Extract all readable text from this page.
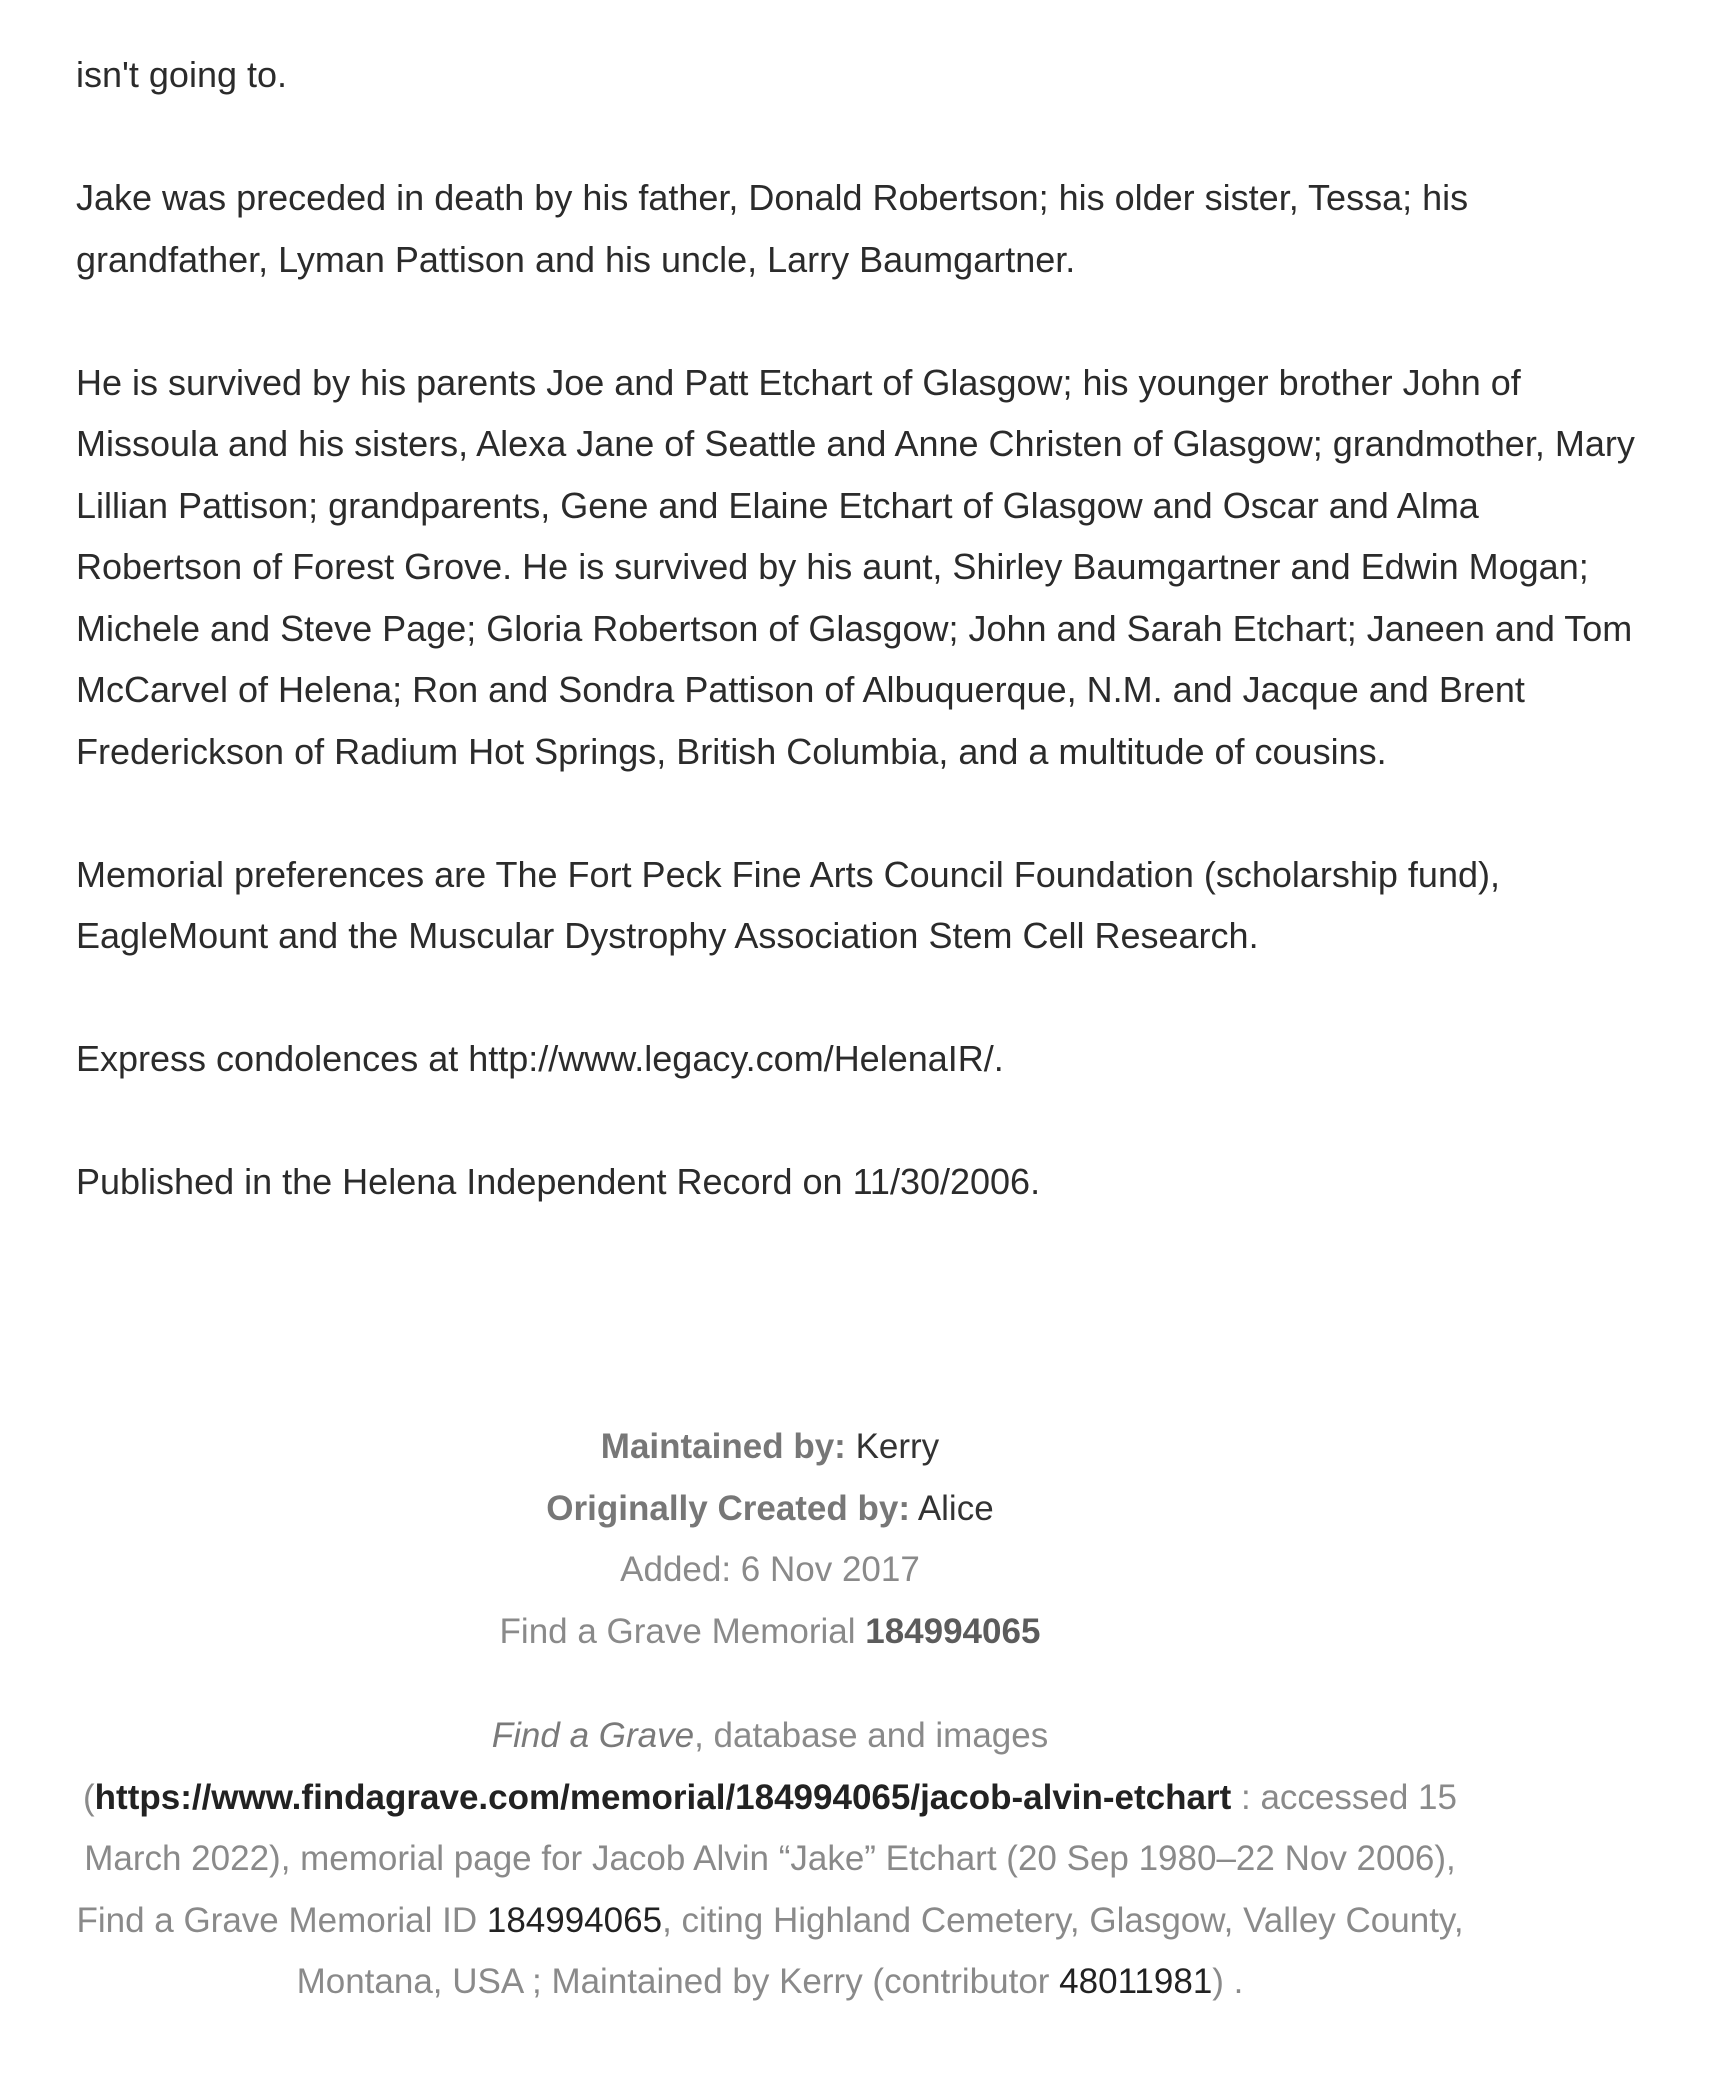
isn't going to.

Jake was preceded in death by his father, Donald Robertson; his older sister, Tessa; his grandfather, Lyman Pattison and his uncle, Larry Baumgartner.

He is survived by his parents Joe and Patt Etchart of Glasgow; his younger brother John of Missoula and his sisters, Alexa Jane of Seattle and Anne Christen of Glasgow; grandmother, Mary Lillian Pattison; grandparents, Gene and Elaine Etchart of Glasgow and Oscar and Alma Robertson of Forest Grove. He is survived by his aunt, Shirley Baumgartner and Edwin Mogan; Michele and Steve Page; Gloria Robertson of Glasgow; John and Sarah Etchart; Janeen and Tom McCarvel of Helena; Ron and Sondra Pattison of Albuquerque, N.M. and Jacque and Brent Frederickson of Radium Hot Springs, British Columbia, and a multitude of cousins.

Memorial preferences are The Fort Peck Fine Arts Council Foundation (scholarship fund), EagleMount and the Muscular Dystrophy Association Stem Cell Research.

Express condolences at http://www.legacy.com/HelenaIR/.

Published in the Helena Independent Record on 11/30/2006.

Maintained by: Kerry
Originally Created by: Alice
Added: 6 Nov 2017
Find a Grave Memorial 184994065
Find a Grave, database and images
(https://www.findagrave.com/memorial/184994065/jacob-alvin-etchart : accessed 15
March 2022), memorial page for Jacob Alvin “Jake” Etchart (20 Sep 1980–22 Nov 2006),
Find a Grave Memorial ID 184994065, citing Highland Cemetery, Glasgow, Valley County,
Montana, USA ; Maintained by Kerry (contributor 48011981) .
